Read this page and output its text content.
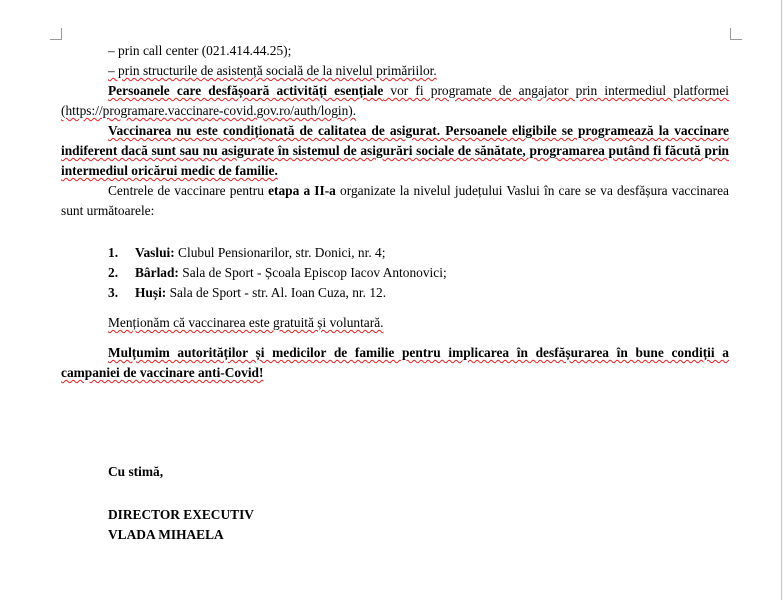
– prin call center (021.414.44.25);

– prin structurile de asistență socială de la nivelul primăriilor.

Persoanele care desfășoară activități esențiale vor fi programate de angajator prin intermediul platformei (https://programare.vaccinare-covid.gov.ro/auth/login).

Vaccinarea nu este condiționată de calitatea de asigurat. Persoanele eligibile se programează la vaccinare indiferent dacă sunt sau nu asigurate în sistemul de asigurări sociale de sănătate, programarea putând fi făcută prin intermediul oricărui medic de familie.

Centrele de vaccinare pentru etapa a II-a organizate la nivelul județului Vaslui în care se va desfășura vaccinarea sunt următoarele:

1. Vaslui: Clubul Pensionarilor, str. Donici, nr. 4;
2. Bârlad: Sala de Sport - Școala Episcop Iacov Antonovici;
3. Huși: Sala de Sport - str. Al. Ioan Cuza, nr. 12.

Menționăm că vaccinarea este gratuită și voluntară.

Mulțumim autorităților și medicilor de familie pentru implicarea în desfășurarea în bune condiții a campaniei de vaccinare anti-Covid!

Cu stimă,
DIRECTOR EXECUTIV
VLADA MIHAELA
